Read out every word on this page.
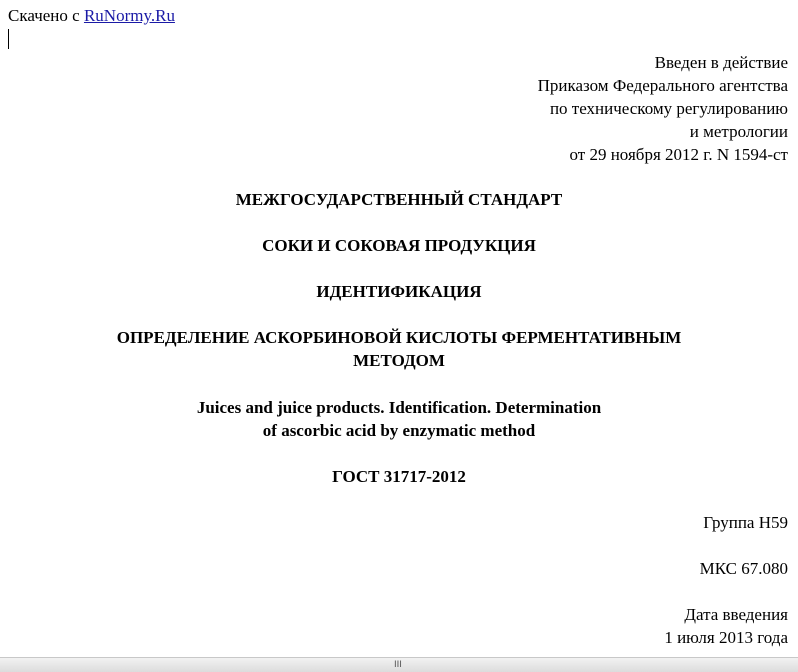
Скачено с RuNormy.Ru
Введен в действие
Приказом Федерального агентства
по техническому регулированию
и метрологии
от 29 ноября 2012 г. N 1594-ст
МЕЖГОСУДАРСТВЕННЫЙ СТАНДАРТ
СОКИ И СОКОВАЯ ПРОДУКЦИЯ
ИДЕНТИФИКАЦИЯ
ОПРЕДЕЛЕНИЕ АСКОРБИНОВОЙ КИСЛОТЫ ФЕРМЕНТАТИВНЫМ
МЕТОДОМ
Juices and juice products. Identification. Determination
of ascorbic acid by enzymatic method
ГОСТ 31717-2012
Группа Н59
МКС 67.080
Дата введения
1 июля 2013 года
III
